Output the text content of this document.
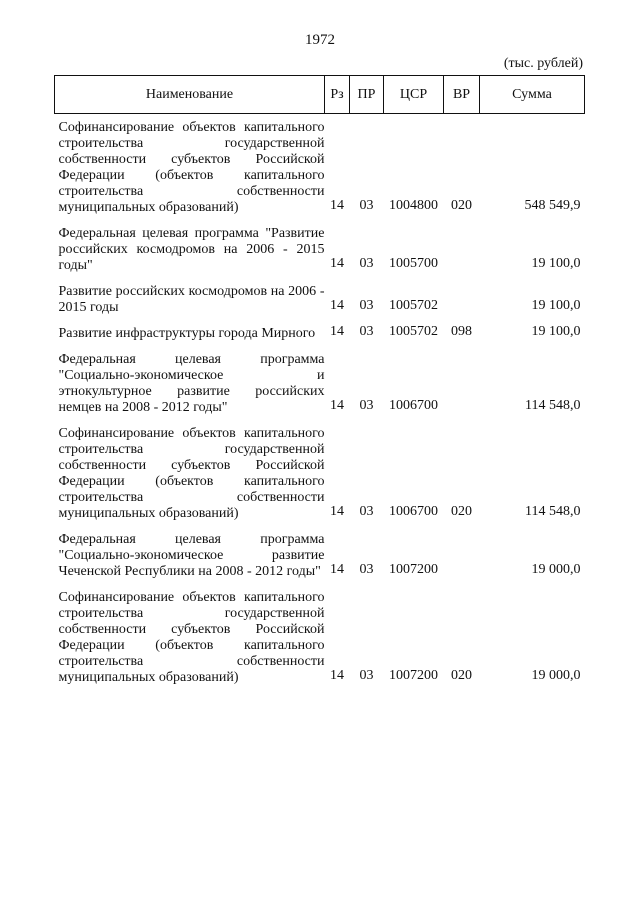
1972
(тыс. рублей)
Наименование	Рз	ПР	ЦСР	ВР	Сумма
Софинансирование объектов капитального строительства государственной собственности субъектов Российской Федерации (объектов капитального строительства собственности муниципальных образований)	14	03	1004800	020	548 549,9
Федеральная целевая программа "Развитие российских космодромов на 2006 - 2015 годы"	14	03	1005700		19 100,0
Развитие российских космодромов на 2006 - 2015 годы	14	03	1005702		19 100,0
Развитие инфраструктуры города Мирного	14	03	1005702	098	19 100,0
Федеральная целевая программа "Социально-экономическое и этнокультурное развитие российских немцев на 2008 - 2012 годы"	14	03	1006700		114 548,0
Софинансирование объектов капитального строительства государственной собственности субъектов Российской Федерации (объектов капитального строительства собственности муниципальных образований)	14	03	1006700	020	114 548,0
Федеральная целевая программа "Социально-экономическое развитие Чеченской Республики на 2008 - 2012 годы"	14	03	1007200		19 000,0
Софинансирование объектов капитального строительства государственной собственности субъектов Российской Федерации (объектов капитального строительства собственности муниципальных образований)	14	03	1007200	020	19 000,0
